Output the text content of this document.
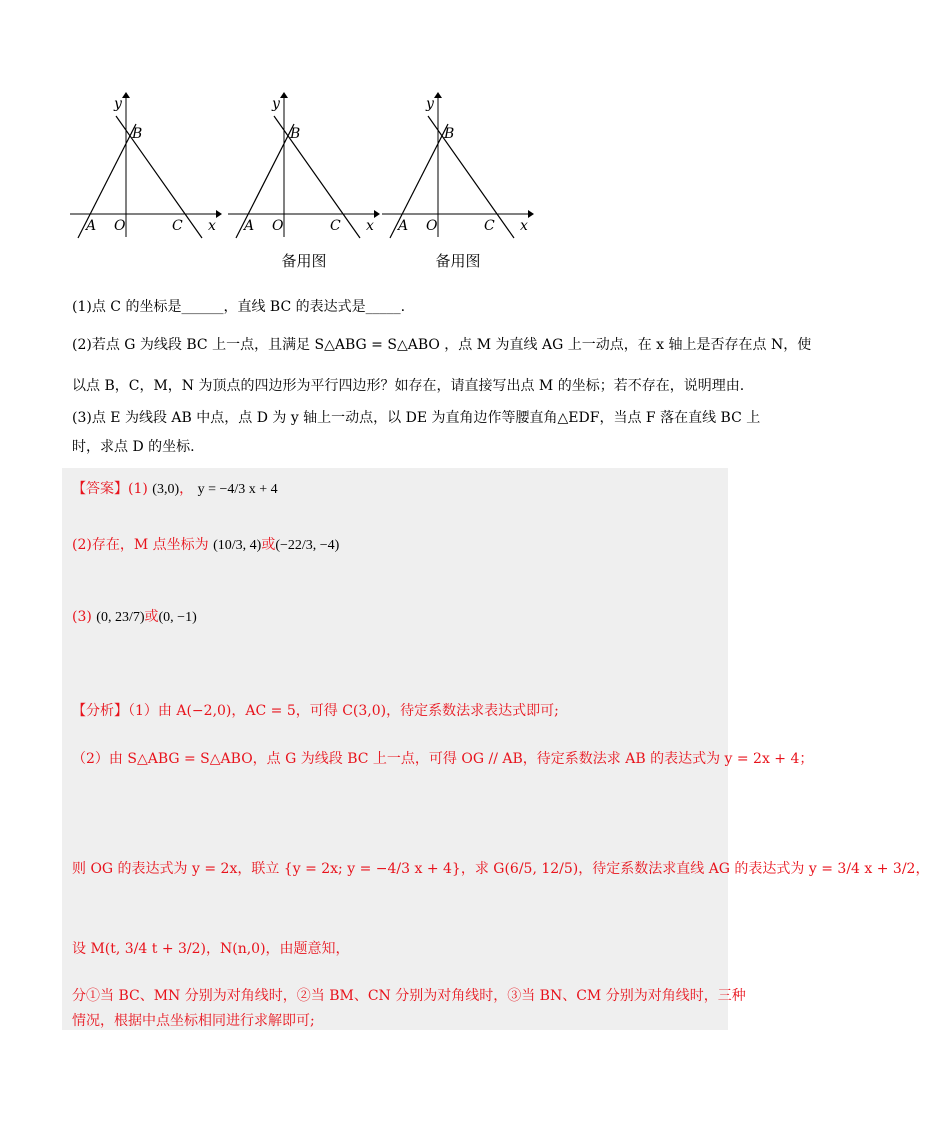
y
B
A O	C x
y
B
A O	C x
y
B
A O	C x
备用图	备用图
(1)点 C 的坐标是______，直线 BC 的表达式是_____.
(2)若点 G 为线段 BC 上一点，且满足 S△ABG = S△ABO ，点 M 为直线 AG 上一动点，在 x 轴上是否存在点 N，使
以点 B，C，M，N 为顶点的四边形为平行四边形？如存在，请直接写出点 M 的坐标；若不存在，说明理由.
(3)点 E 为线段 AB 中点，点 D 为 y 轴上一动点，以 DE 为直角边作等腰直角△EDF，当点 F 落在直线 BC 上
时，求点 D 的坐标.
【答案】(1) (3,0)， y = −4/3 x + 4
(2)存在，M 点坐标为 (10/3, 4)或(−22/3, −4)
(3) (0, 23/7)或(0, −1)
【分析】（1）由 A(−2,0)，AC = 5，可得 C(3,0)，待定系数法求表达式即可;
（2）由 S△ABG = S△ABO，点 G 为线段 BC 上一点，可得 OG // AB，待定系数法求 AB 的表达式为 y = 2x + 4；
则 OG 的表达式为 y = 2x，联立 {y = 2x; y = −4/3 x + 4}，求 G(6/5, 12/5)，待定系数法求直线 AG 的表达式为 y = 3/4 x + 3/2，
设 M(t, 3/4 t + 3/2)，N(n,0)，由题意知，
分①当 BC、MN 分别为对角线时，②当 BM、CN 分别为对角线时，③当 BN、CM 分别为对角线时，三种
情况，根据中点坐标相同进行求解即可;
